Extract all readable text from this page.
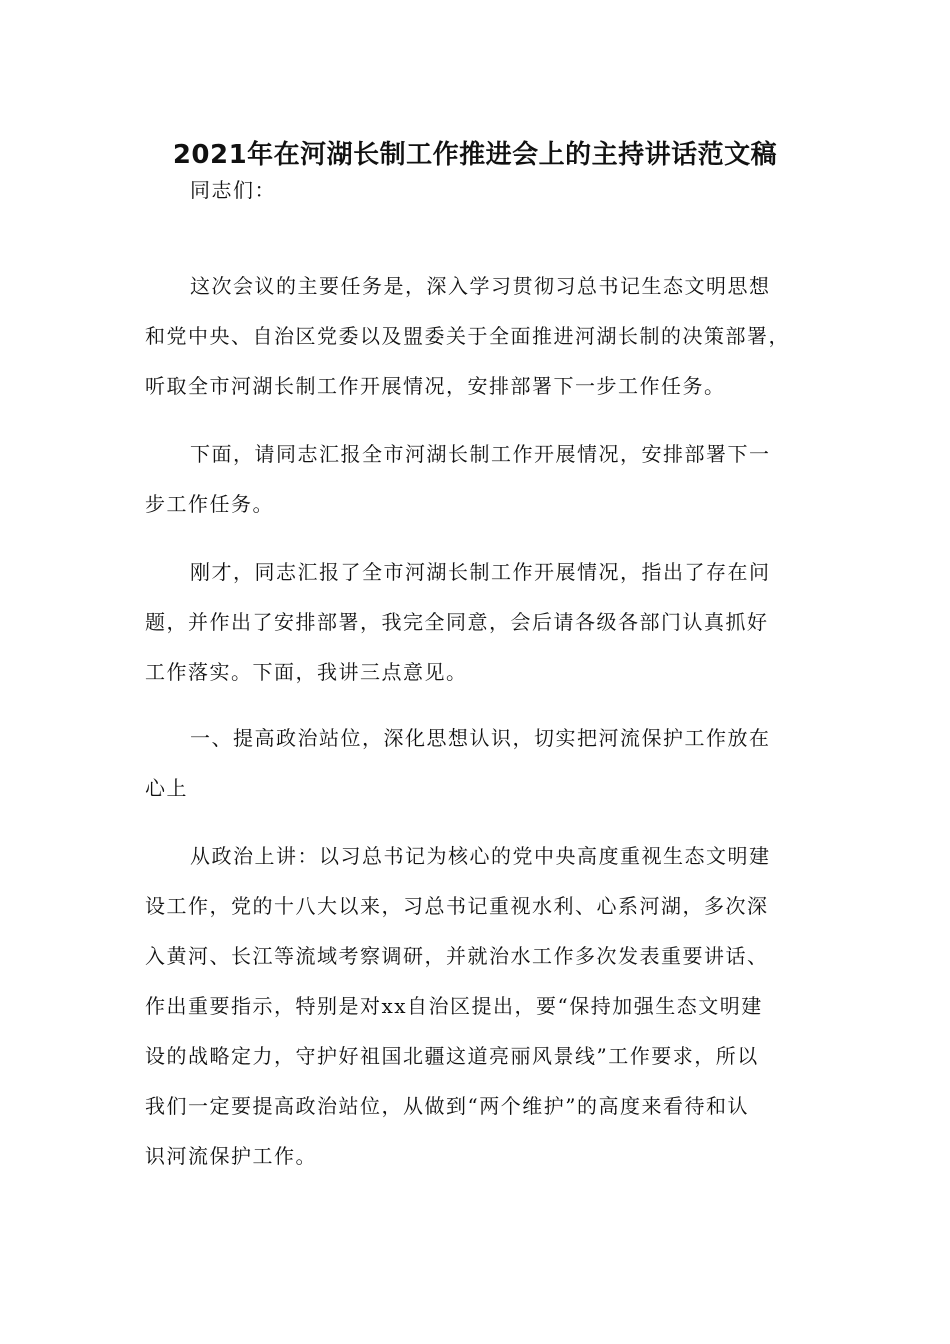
2021年在河湖长制工作推进会上的主持讲话范文稿

同志们：

这次会议的主要任务是，深入学习贯彻习总书记生态文明思想
和党中央、自治区党委以及盟委关于全面推进河湖长制的决策部署，
听取全市河湖长制工作开展情况，安排部署下一步工作任务。

下面，请同志汇报全市河湖长制工作开展情况，安排部署下一
步工作任务。

刚才，同志汇报了全市河湖长制工作开展情况，指出了存在问
题，并作出了安排部署，我完全同意，会后请各级各部门认真抓好
工作落实。下面，我讲三点意见。

一、提高政治站位，深化思想认识，切实把河流保护工作放在
心上

从政治上讲：以习总书记为核心的党中央高度重视生态文明建
设工作，党的十八大以来，习总书记重视水利、心系河湖，多次深
入黄河、长江等流域考察调研，并就治水工作多次发表重要讲话、
作出重要指示，特别是对xx自治区提出，要“保持加强生态文明建
设的战略定力，守护好祖国北疆这道亮丽风景线”工作要求，所以
我们一定要提高政治站位，从做到“两个维护”的高度来看待和认
识河流保护工作。
